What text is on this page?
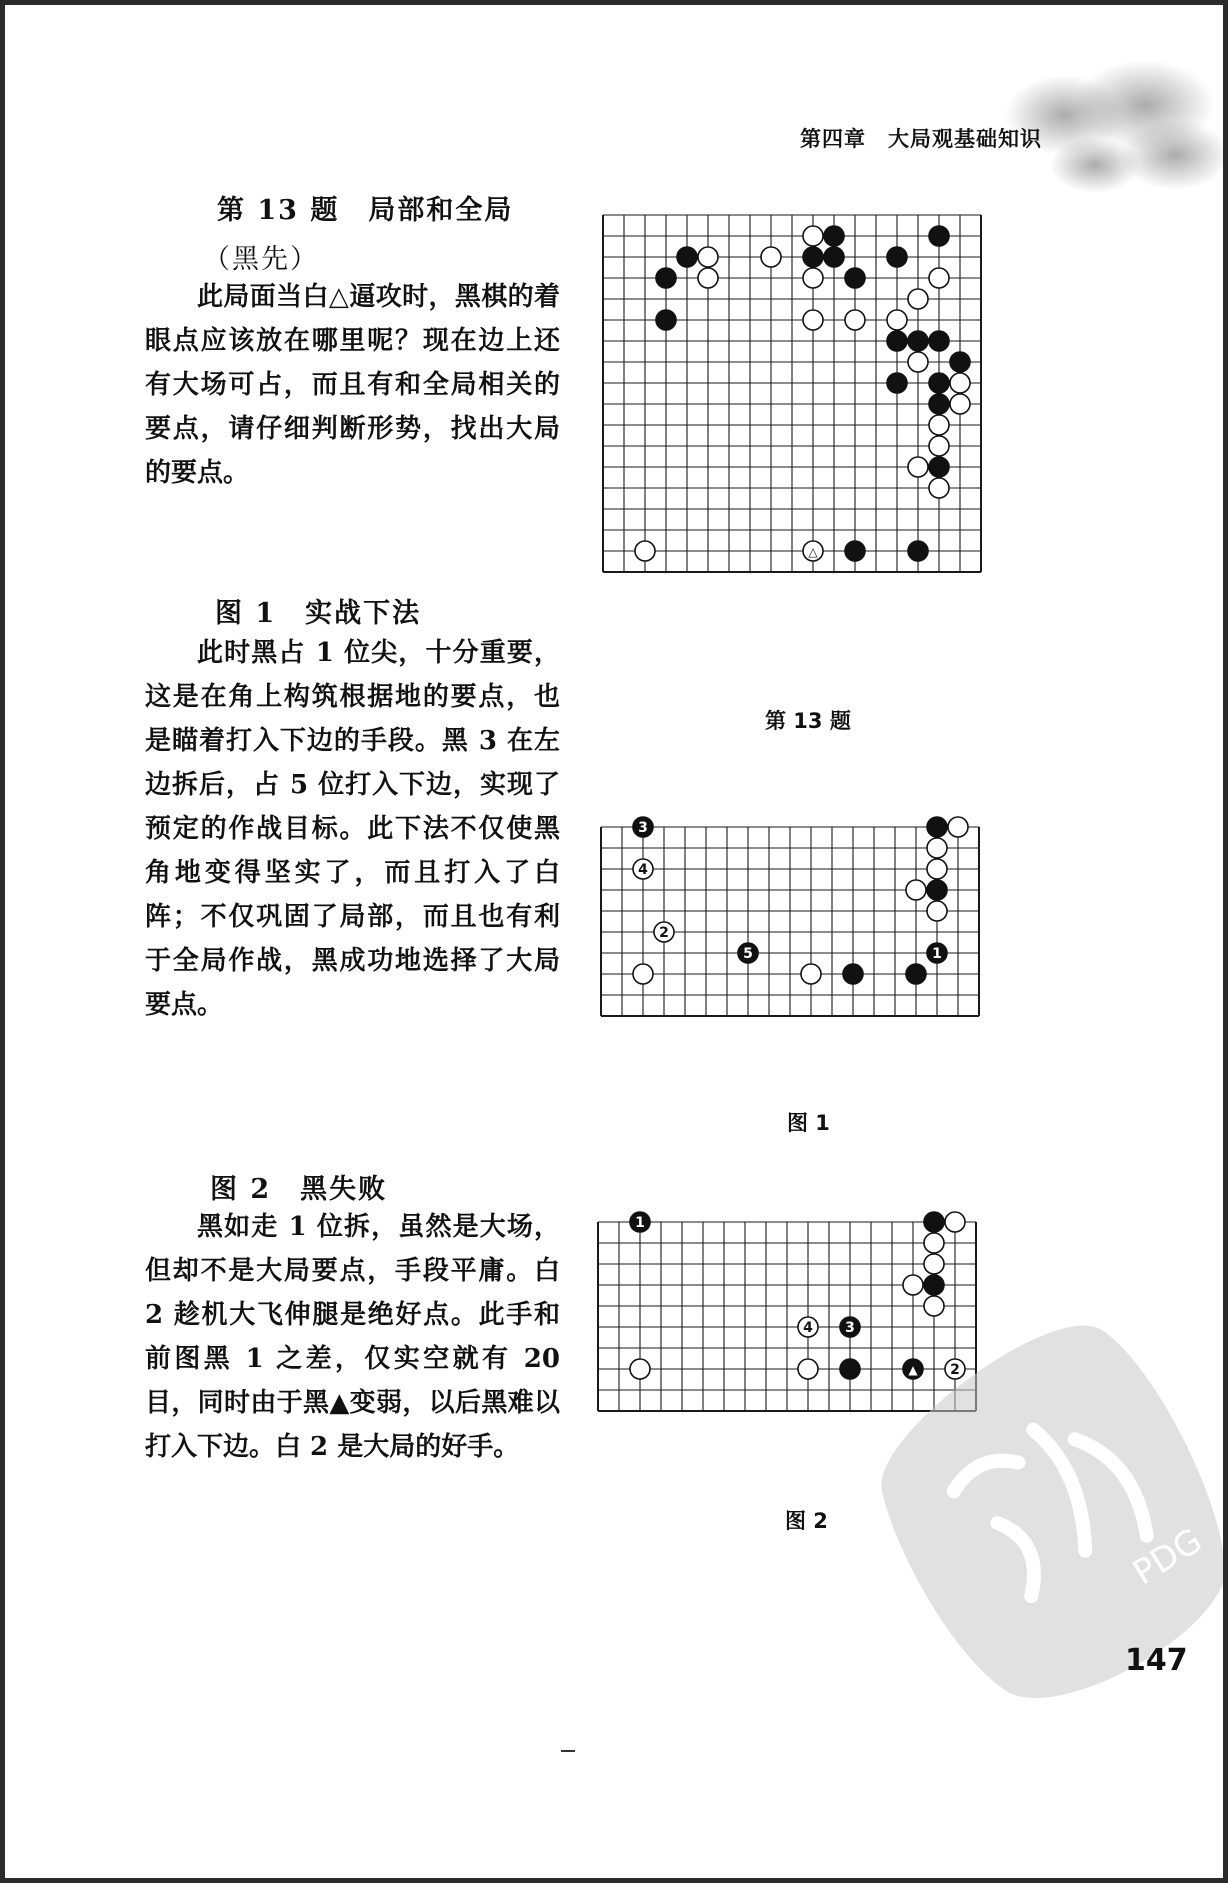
第四章　大局观基础知识
第 13 题　局部和全局
（黑先）

此局面当白△逼攻时，黑棋的着眼点应该放在哪里呢？现在边上还有大场可占，而且有和全局相关的要点，请仔细判断形势，找出大局的要点。

△
第 13 题
图 1　实战下法

此时黑占 1 位尖，十分重要，这是在角上构筑根据地的要点，也是瞄着打入下边的手段。黑 3 在左边拆后，占 5 位打入下边，实现了预定的作战目标。此下法不仅使黑角地变得坚实了，而且打入了白阵；不仅巩固了局部，而且也有利于全局作战，黑成功地选择了大局要点。

3
4
2
5	1
图 1
图 2　黑失败

黑如走 1 位拆，虽然是大场，但却不是大局要点，手段平庸。白 2 趁机大飞伸腿是绝好点。此手和前图黑 1 之差，仅实空就有 20 目，同时由于黑▲变弱，以后黑难以打入下边。白 2 是大局的好手。

1
4 3
▲ 2
图 2	PDG
147
